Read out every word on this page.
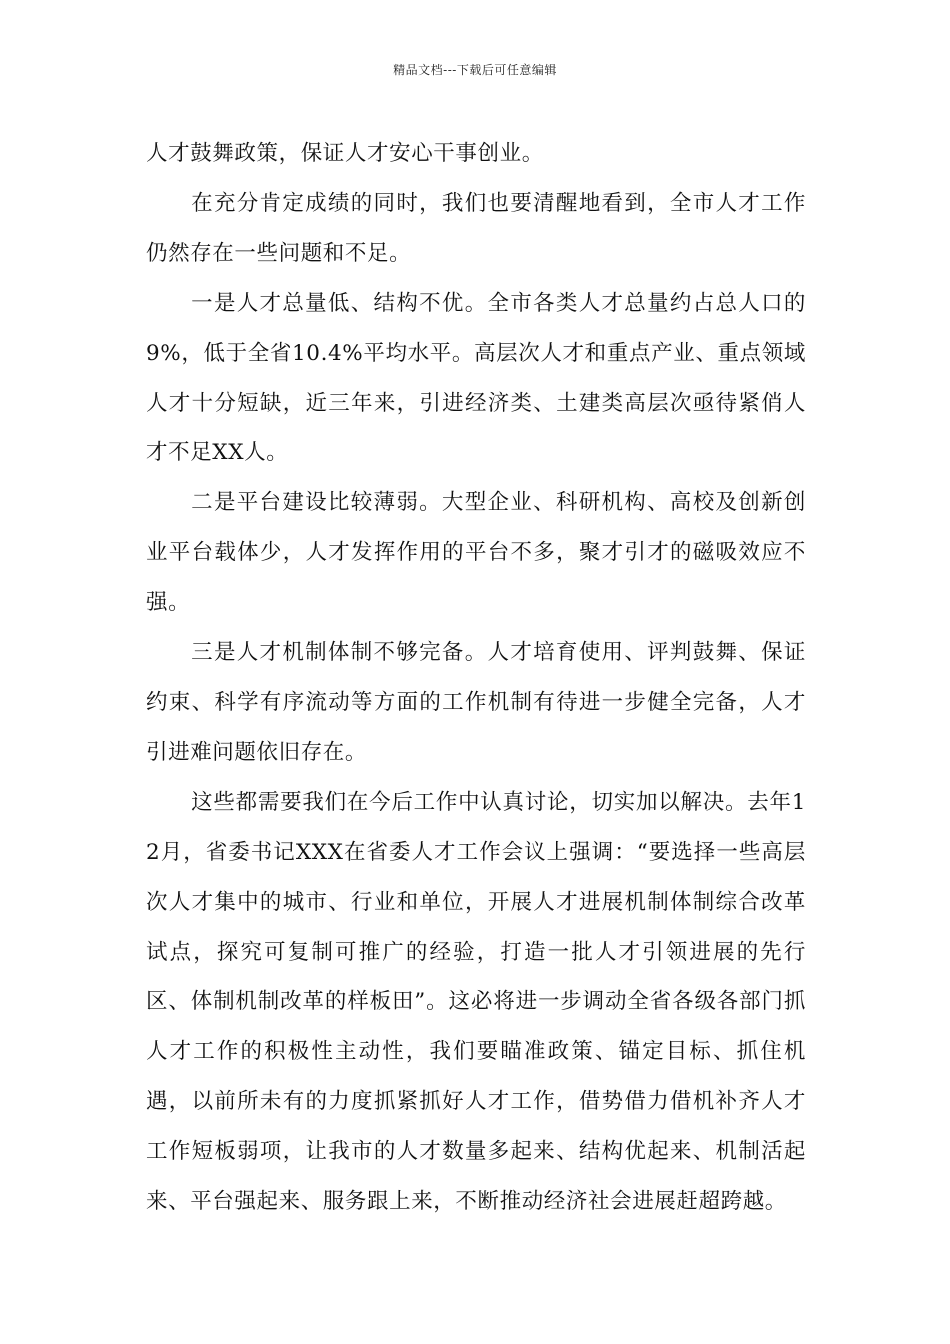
精品文档---下载后可任意编辑

人才鼓舞政策，保证人才安心干事创业。

在充分肯定成绩的同时，我们也要清醒地看到，全市人才工作仍然存在一些问题和不足。

一是人才总量低、结构不优。全市各类人才总量约占总人口的9%，低于全省10.4%平均水平。高层次人才和重点产业、重点领域人才十分短缺，近三年来，引进经济类、土建类高层次亟待紧俏人才不足XX人。

二是平台建设比较薄弱。大型企业、科研机构、高校及创新创业平台载体少，人才发挥作用的平台不多，聚才引才的磁吸效应不强。

三是人才机制体制不够完备。人才培育使用、评判鼓舞、保证约束、科学有序流动等方面的工作机制有待进一步健全完备，人才引进难问题依旧存在。

这些都需要我们在今后工作中认真讨论，切实加以解决。去年12月，省委书记XXX在省委人才工作会议上强调：“要选择一些高层次人才集中的城市、行业和单位，开展人才进展机制体制综合改革试点，探究可复制可推广的经验，打造一批人才引领进展的先行区、体制机制改革的样板田”。这必将进一步调动全省各级各部门抓人才工作的积极性主动性，我们要瞄准政策、锚定目标、抓住机遇，以前所未有的力度抓紧抓好人才工作，借势借力借机补齐人才工作短板弱项，让我市的人才数量多起来、结构优起来、机制活起来、平台强起来、服务跟上来，不断推动经济社会进展赶超跨越。
